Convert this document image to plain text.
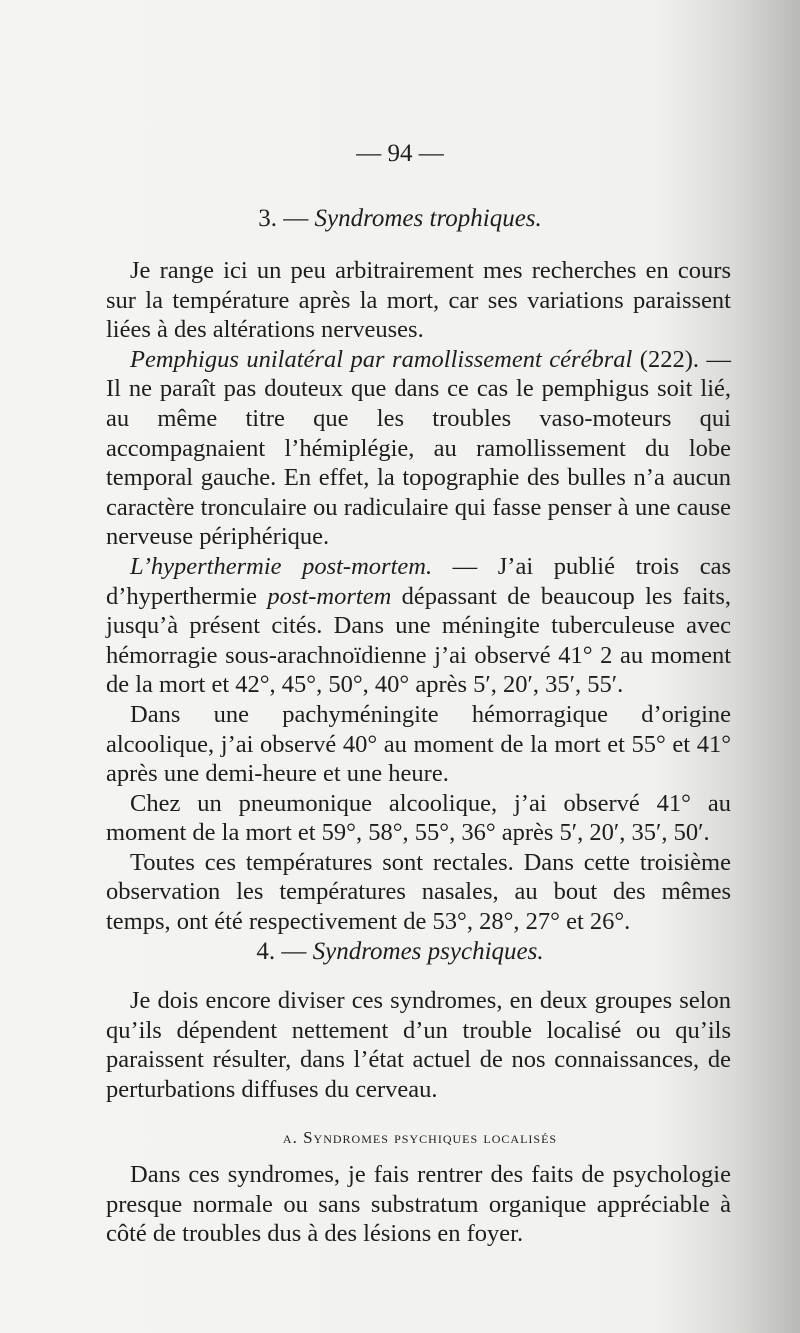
— 94 —
3. — Syndromes trophiques.

Je range ici un peu arbitrairement mes recherches en cours sur la température après la mort, car ses variations paraissent liées à des altérations nerveuses.

Pemphigus unilatéral par ramollissement cérébral (222). — Il ne paraît pas douteux que dans ce cas le pemphigus soit lié, au même titre que les troubles vaso-moteurs qui accompagnaient l’hémiplégie, au ramollissement du lobe temporal gauche. En effet, la topographie des bulles n’a aucun caractère tronculaire ou radiculaire qui fasse penser à une cause nerveuse périphérique.

L’hyperthermie post-mortem. — J’ai publié trois cas d’hyperthermie post-mortem dépassant de beaucoup les faits, jusqu’à présent cités. Dans une méningite tuberculeuse avec hémorragie sous-arachnoïdienne j’ai observé 41° 2 au moment de la mort et 42°, 45°, 50°, 40° après 5′, 20′, 35′, 55′.

Dans une pachyméningite hémorragique d’origine alcoolique, j’ai observé 40° au moment de la mort et 55° et 41° après une demi-heure et une heure.

Chez un pneumonique alcoolique, j’ai observé 41° au moment de la mort et 59°, 58°, 55°, 36° après 5′, 20′, 35′, 50′.

Toutes ces températures sont rectales. Dans cette troisième observation les températures nasales, au bout des mêmes temps, ont été respectivement de 53°, 28°, 27° et 26°.

4. — Syndromes psychiques.

Je dois encore diviser ces syndromes, en deux groupes selon qu’ils dépendent nettement d’un trouble localisé ou qu’ils paraissent résulter, dans l’état actuel de nos connaissances, de perturbations diffuses du cerveau.

α. Syndromes psychiques localisés

Dans ces syndromes, je fais rentrer des faits de psychologie presque normale ou sans substratum organique appréciable à côté de troubles dus à des lésions en foyer.
